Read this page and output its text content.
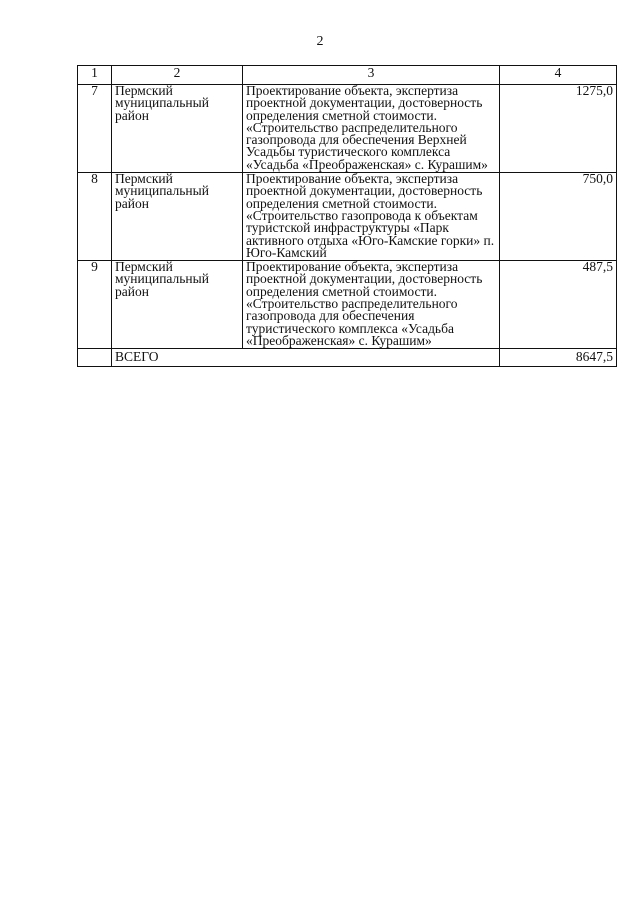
2
1	2	3	4
7	Пермский муниципальный район	Проектирование объекта, экспертиза проектной документации, достоверность определения сметной стоимости. «Строительство распределительного газопровода для обеспечения Верхней Усадьбы туристического комплекса «Усадьба «Преображенская» с. Курашим»	1275,0
8	Пермский муниципальный район	Проектирование объекта, экспертиза проектной документации, достоверность определения сметной стоимости. «Строительство газопровода к объектам туристской инфраструктуры «Парк активного отдыха «Юго-Камские горки» п. Юго-Камский	750,0
9	Пермский муниципальный район	Проектирование объекта, экспертиза проектной документации, достоверность определения сметной стоимости. «Строительство распределительного газопровода для обеспечения туристического комплекса «Усадьба «Преображенская» с. Курашим»	487,5
	ВСЕГО		8647,5
